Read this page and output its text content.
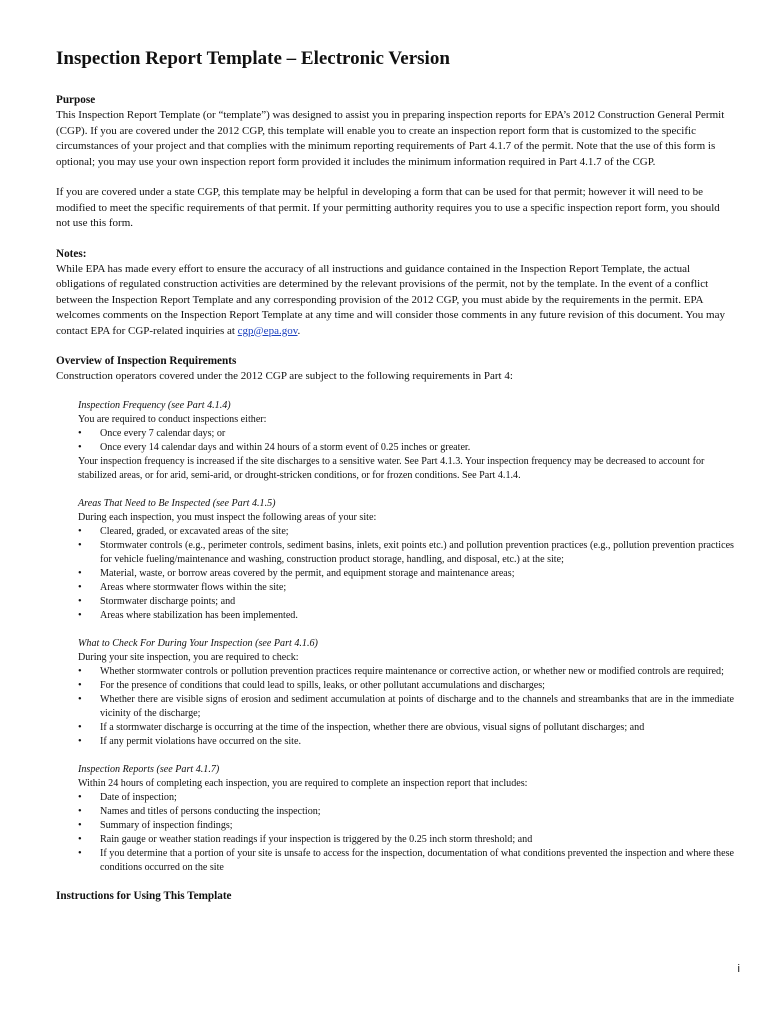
Inspection Report Template – Electronic Version
Purpose

This Inspection Report Template (or “template”) was designed to assist you in preparing inspection reports for EPA’s 2012 Construction General Permit (CGP). If you are covered under the 2012 CGP, this template will enable you to create an inspection report form that is customized to the specific circumstances of your project and that complies with the minimum reporting requirements of Part 4.1.7 of the permit. Note that the use of this form is optional; you may use your own inspection report form provided it includes the minimum information required in Part 4.1.7 of the CGP.

If you are covered under a state CGP, this template may be helpful in developing a form that can be used for that permit; however it will need to be modified to meet the specific requirements of that permit. If your permitting authority requires you to use a specific inspection report form, you should not use this form.

Notes:

While EPA has made every effort to ensure the accuracy of all instructions and guidance contained in the Inspection Report Template, the actual obligations of regulated construction activities are determined by the relevant provisions of the permit, not by the template. In the event of a conflict between the Inspection Report Template and any corresponding provision of the 2012 CGP, you must abide by the requirements in the permit. EPA welcomes comments on the Inspection Report Template at any time and will consider those comments in any future revision of this document. You may contact EPA for CGP-related inquiries at cgp@epa.gov.

Overview of Inspection Requirements

Construction operators covered under the 2012 CGP are subject to the following requirements in Part 4:

Inspection Frequency (see Part 4.1.4)

You are required to conduct inspections either:

• Once every 7 calendar days; or
• Once every 14 calendar days and within 24 hours of a storm event of 0.25 inches or greater.

Your inspection frequency is increased if the site discharges to a sensitive water. See Part 4.1.3. Your inspection frequency may be decreased to account for stabilized areas, or for arid, semi-arid, or drought-stricken conditions, or for frozen conditions. See Part 4.1.4.

Areas That Need to Be Inspected (see Part 4.1.5)

During each inspection, you must inspect the following areas of your site:

• Cleared, graded, or excavated areas of the site;
• Stormwater controls (e.g., perimeter controls, sediment basins, inlets, exit points etc.) and pollution prevention practices (e.g., pollution prevention practices for vehicle fueling/maintenance and washing, construction product storage, handling, and disposal, etc.) at the site;
• Material, waste, or borrow areas covered by the permit, and equipment storage and maintenance areas;
• Areas where stormwater flows within the site;
• Stormwater discharge points; and
• Areas where stabilization has been implemented.

What to Check For During Your Inspection (see Part 4.1.6)

During your site inspection, you are required to check:

• Whether stormwater controls or pollution prevention practices require maintenance or corrective action, or whether new or modified controls are required;
• For the presence of conditions that could lead to spills, leaks, or other pollutant accumulations and discharges;
• Whether there are visible signs of erosion and sediment accumulation at points of discharge and to the channels and streambanks that are in the immediate vicinity of the discharge;
• If a stormwater discharge is occurring at the time of the inspection, whether there are obvious, visual signs of pollutant discharges; and
• If any permit violations have occurred on the site.

Inspection Reports (see Part 4.1.7)

Within 24 hours of completing each inspection, you are required to complete an inspection report that includes:

• Date of inspection;
• Names and titles of persons conducting the inspection;
• Summary of inspection findings;
• Rain gauge or weather station readings if your inspection is triggered by the 0.25 inch storm threshold; and
• If you determine that a portion of your site is unsafe to access for the inspection, documentation of what conditions prevented the inspection and where these conditions occurred on the site
Instructions for Using This Template
i
